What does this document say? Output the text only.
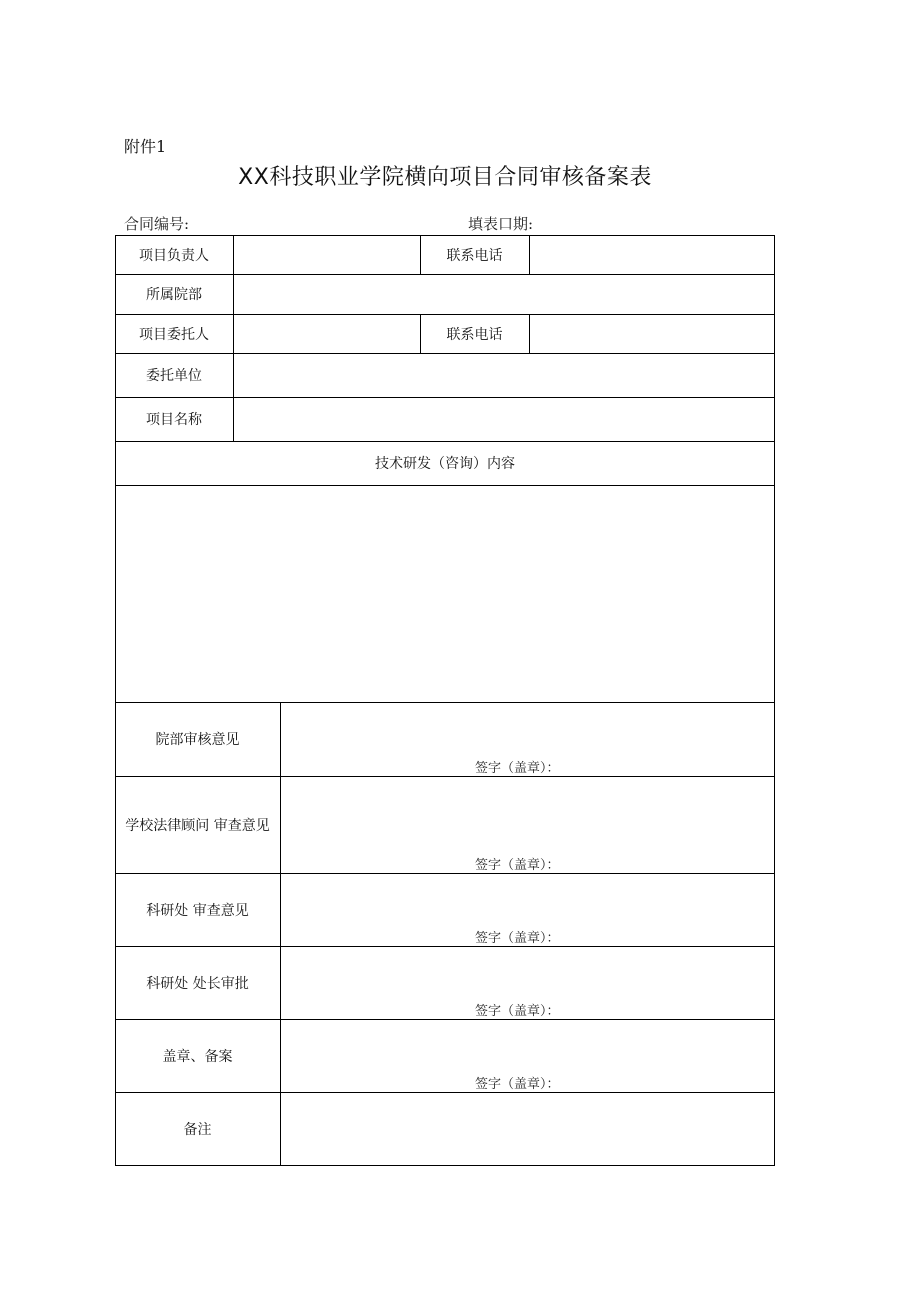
附件1
XX科技职业学院横向项目合同审核备案表
合同编号:	填表口期:
项目负责人	联系电话
所属院部
项目委托人	联系电话
委托单位
项目名称
技术研发（咨询）内容
院部审核意见
签字（盖章）：
学校法律顾问 审查意见
签字（盖章）：
科研处 审查意见
签字（盖章）：
科研处 处长审批
签字（盖章）：
盖章、备案
签字（盖章）：
备注
